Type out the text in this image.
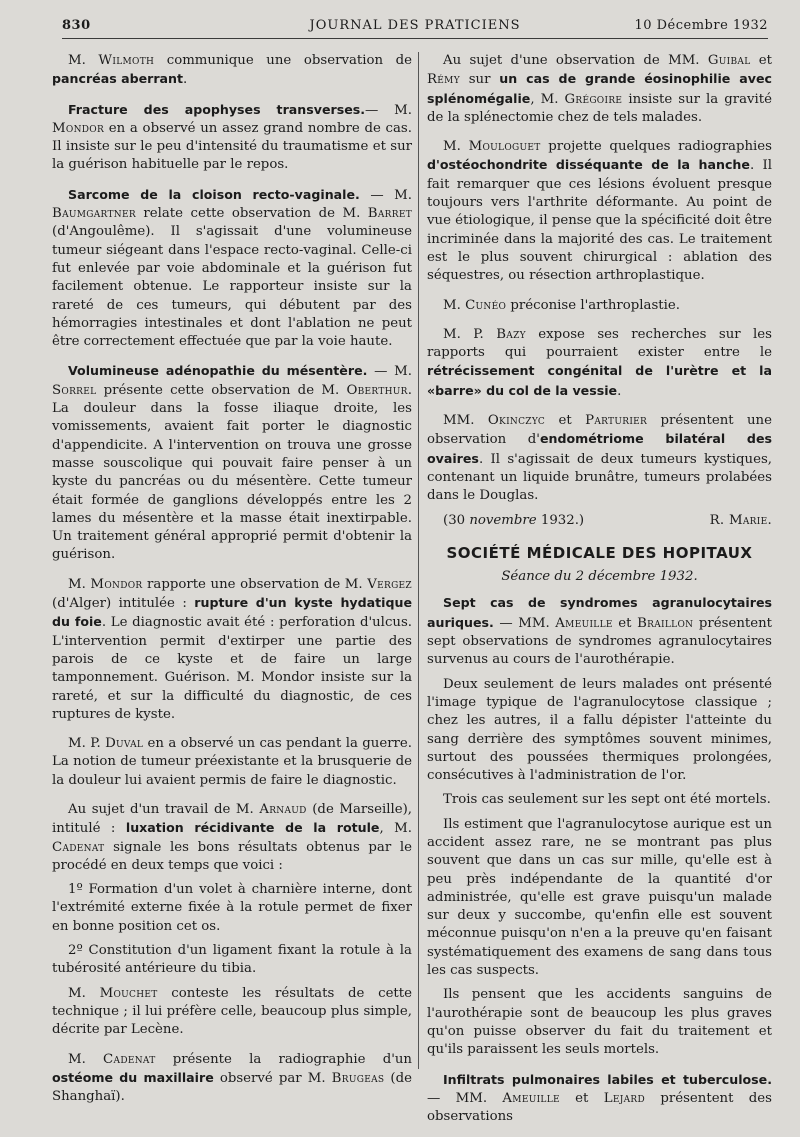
830	JOURNAL DES PRATICIENS	10 Décembre 1932

M. Wilmoth communique une observation de pancréas aberrant.

Fracture des apophyses transverses.— M. Mondor en a observé un assez grand nombre de cas. Il insiste sur le peu d'intensité du traumatisme et sur la guérison habituelle par le repos.

Sarcome de la cloison recto-vaginale. — M. Baumgartner relate cette observation de M. Barret (d'Angoulême). Il s'agissait d'une volumineuse tumeur siégeant dans l'espace recto-vaginal. Celle-ci fut enlevée par voie abdominale et la guérison fut facilement obtenue. Le rapporteur insiste sur la rareté de ces tumeurs, qui débutent par des hémorragies intestinales et dont l'ablation ne peut être correctement effectuée que par la voie haute.

Volumineuse adénopathie du mésentère. — M. Sorrel présente cette observation de M. Oberthur. La douleur dans la fosse iliaque droite, les vomissements, avaient fait porter le diagnostic d'appendicite. A l'intervention on trouva une grosse masse souscolique qui pouvait faire penser à un kyste du pancréas ou du mésentère. Cette tumeur était formée de ganglions développés entre les 2 lames du mésentère et la masse était inextirpable. Un traitement général approprié permit d'obtenir la guérison.

M. Mondor rapporte une observation de M. Vergez (d'Alger) intitulée : rupture d'un kyste hydatique du foie. Le diagnostic avait été : perforation d'ulcus. L'intervention permit d'extirper une partie des parois de ce kyste et de faire un large tamponnement. Guérison. M. Mondor insiste sur la rareté, et sur la difficulté du diagnostic, de ces ruptures de kyste.

M. P. Duval en a observé un cas pendant la guerre. La notion de tumeur préexistante et la brusquerie de la douleur lui avaient permis de faire le diagnostic.

Au sujet d'un travail de M. Arnaud (de Marseille), intitulé : luxation récidivante de la rotule, M. Cadenat signale les bons résultats obtenus par le procédé en deux temps que voici :

1º Formation d'un volet à charnière interne, dont l'extrémité externe fixée à la rotule permet de fixer en bonne position cet os.

2º Constitution d'un ligament fixant la rotule à la tubérosité antérieure du tibia.

M. Mouchet conteste les résultats de cette technique ; il lui préfère celle, beaucoup plus simple, décrite par Lecène.

M. Cadenat présente la radiographie d'un ostéome du maxillaire observé par M. Brugeas (de Shanghaï).

Au sujet d'une observation de MM. Guibal et Rémy sur un cas de grande éosinophilie avec splénomégalie, M. Grégoire insiste sur la gravité de la splénectomie chez de tels malades.

M. Mouloguet projette quelques radiographies d'ostéochondrite disséquante de la hanche. Il fait remarquer que ces lésions évoluent presque toujours vers l'arthrite déformante. Au point de vue étiologique, il pense que la spécificité doit être incriminée dans la majorité des cas. Le traitement est le plus souvent chirurgical : ablation des séquestres, ou résection arthroplastique.

M. Cunéo préconise l'arthroplastie.

M. P. Bazy expose ses recherches sur les rapports qui pourraient exister entre le rétrécissement congénital de l'urètre et la «barre» du col de la vessie.

MM. Okinczyc et Parturier présentent une observation d'endométriome bilatéral des ovaires. Il s'agissait de deux tumeurs kystiques, contenant un liquide brunâtre, tumeurs prolabées dans le Douglas.

(30 novembre 1932.)	R. Marie.
SOCIÉTÉ MÉDICALE DES HOPITAUX
Séance du 2 décembre 1932.

Sept cas de syndromes agranulocytaires auriques. — MM. Ameuille et Braillon présentent sept observations de syndromes agranulocytaires survenus au cours de l'aurothérapie.

Deux seulement de leurs malades ont présenté l'image typique de l'agranulocytose classique ; chez les autres, il a fallu dépister l'atteinte du sang derrière des symptômes souvent minimes, surtout des poussées thermiques prolongées, consécutives à l'administration de l'or.

Trois cas seulement sur les sept ont été mortels.

Ils estiment que l'agranulocytose aurique est un accident assez rare, ne se montrant pas plus souvent que dans un cas sur mille, qu'elle est à peu près indépendante de la quantité d'or administrée, qu'elle est grave puisqu'un malade sur deux y succombe, qu'enfin elle est souvent méconnue puisqu'on n'en a la preuve qu'en faisant systématiquement des examens de sang dans tous les cas suspects.

Ils pensent que les accidents sanguins de l'aurothérapie sont de beaucoup les plus graves qu'on puisse observer du fait du traitement et qu'ils paraissent les seuls mortels.

Infiltrats pulmonaires labiles et tuberculose. — MM. Ameuille et Lejard présentent des observations
